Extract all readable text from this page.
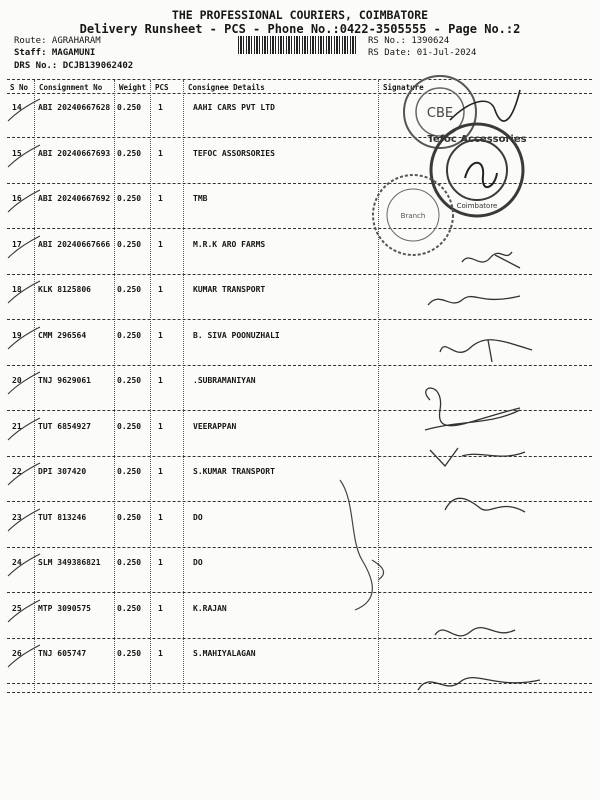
THE PROFESSIONAL COURIERS, COIMBATORE
Delivery Runsheet - PCS - Phone No.:0422-3505555 - Page No.:2
Route: AGRAHARAM
Staff: MAGAMUNI
DRS No.: DCJB139062402
RS No.: 1390624
RS Date: 01-Jul-2024
S No Consignment No Weight PCS	Consignee Details	Signature
14 ABI 20240667628 0.250 1	AAHI CARS PVT LTD
15 ABI 20240667693 0.250 1	TEFOC ASSORSORIES
16 ABI 20240667692 0.250 1	TMB
17 ABI 20240667666 0.250 1	M.R.K ARO FARMS
18 KLK 8125806	0.250 1	KUMAR TRANSPORT
19 CMM 296564	0.250 1	B. SIVA POONUZHALI
20 TNJ 9629061	0.250 1	.SUBRAMANIYAN
21 TUT 6854927	0.250 1	VEERAPPAN
22 DPI 307420	0.250 1	S.KUMAR TRANSPORT
23 TUT 813246	0.250 1	DO
24 SLM 349386821 0.250 1	DO
25 MTP 3090575	0.250 1	K.RAJAN
26 TNJ 605747	0.250 1	S.MAHIYALAGAN
CBE
Tefoc Accessories
Coimbatore
Branch
